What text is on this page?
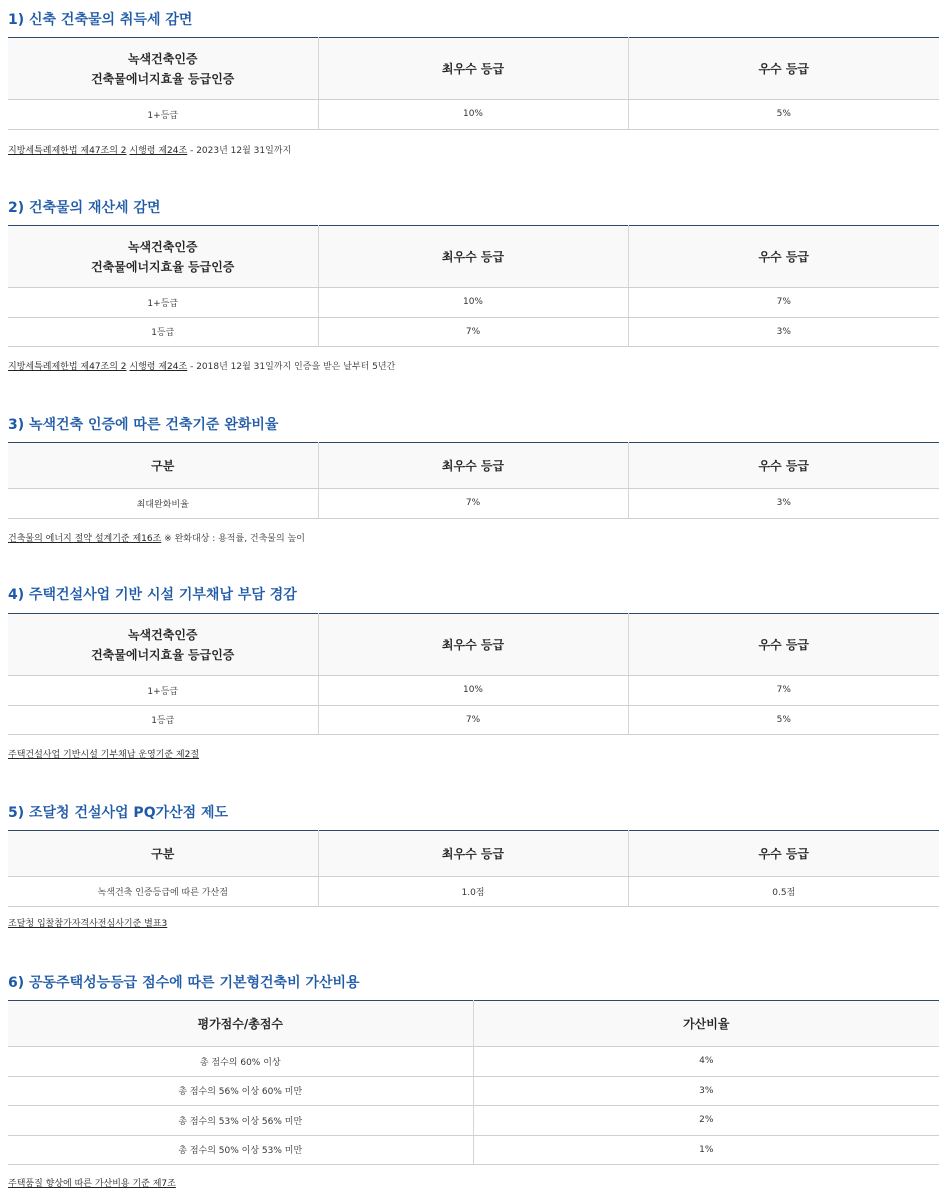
1) 신축 건축물의 취득세 감면
녹색건축인증
건축물에너지효율 등급인증	최우수 등급	우수 등급
1+등급	10%	5%
지방세특례제한법 제47조의 2 시행령 제24조 - 2023년 12월 31일까지
2) 건축물의 재산세 감면
녹색건축인증
건축물에너지효율 등급인증	최우수 등급	우수 등급
1+등급	10%	7%
1등급	7%	3%
지방세특례제한법 제47조의 2 시행령 제24조 - 2018년 12월 31일까지 인증을 받은 날부터 5년간
3) 녹색건축 인증에 따른 건축기준 완화비율
구분	최우수 등급	우수 등급
최대완화비율	7%	3%
건축물의 에너지 절약 설계기준 제16조 ※ 완화대상 : 용적률, 건축물의 높이
4) 주택건설사업 기반 시설 기부채납 부담 경감
녹색건축인증
건축물에너지효율 등급인증	최우수 등급	우수 등급
1+등급	10%	7%
1등급	7%	5%
주택건설사업 기반시설 기부채납 운영기준 제2절
5) 조달청 건설사업 PQ가산점 제도
구분	최우수 등급	우수 등급
녹색건축 인증등급에 따른 가산점	1.0점	0.5점
조달청 입찰참가자격사전심사기준 별표3
6) 공동주택성능등급 점수에 따른 기본형건축비 가산비용
평가점수/총점수	가산비율
총 점수의 60% 이상	4%
총 점수의 56% 이상 60% 미만	3%
총 점수의 53% 이상 56% 미만	2%
총 점수의 50% 이상 53% 미만	1%
주택품질 향상에 따른 가산비용 기준 제7조
